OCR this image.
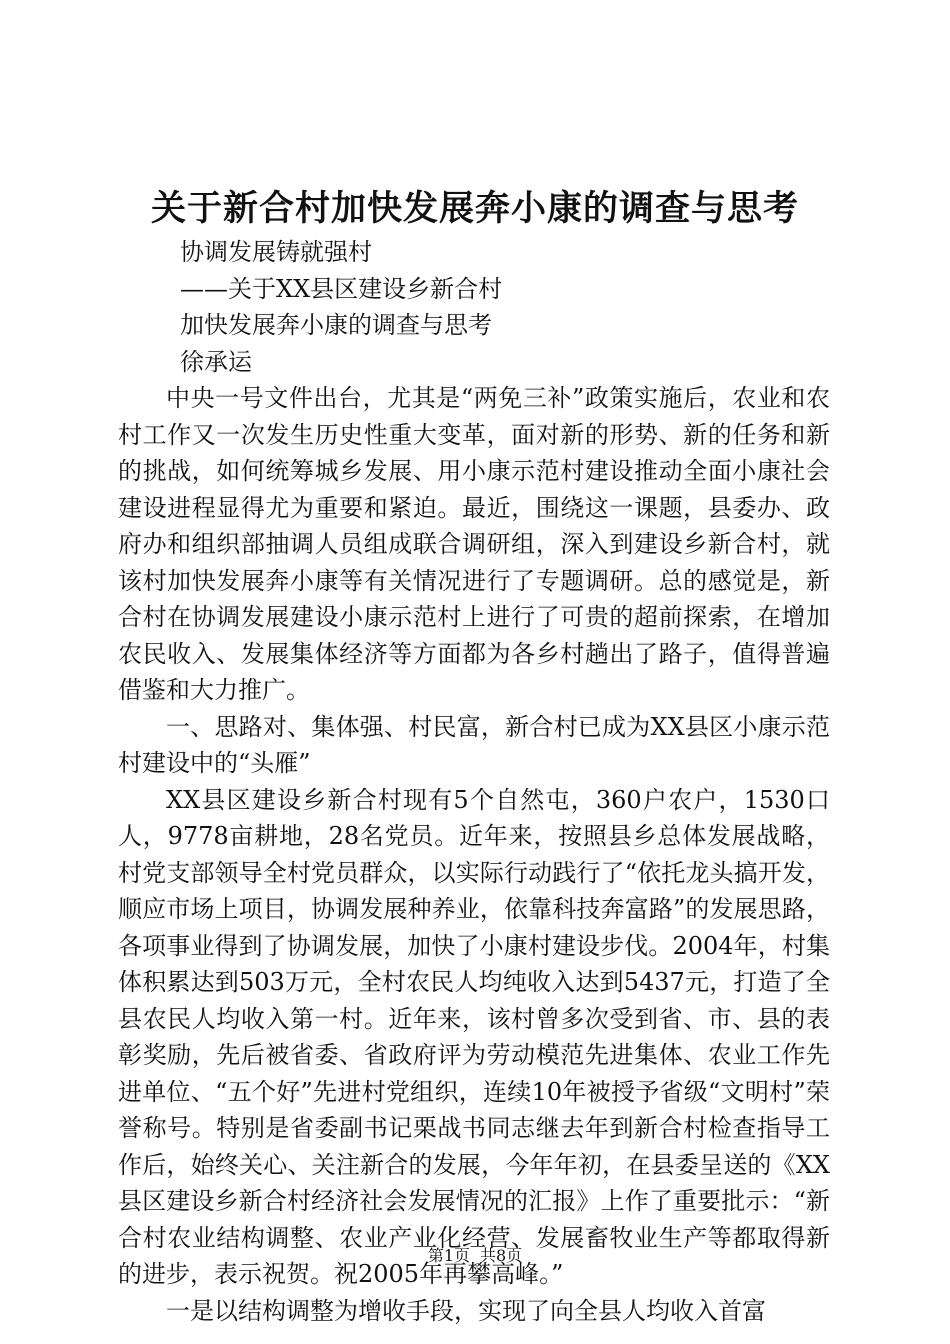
关于新合村加快发展奔小康的调查与思考

协调发展铸就强村

——关于XX县区建设乡新合村

加快发展奔小康的调查与思考

徐承运

中央一号文件出台，尤其是“两免三补”政策实施后，农业和农村工作又一次发生历史性重大变革，面对新的形势、新的任务和新的挑战，如何统筹城乡发展、用小康示范村建设推动全面小康社会建设进程显得尤为重要和紧迫。最近，围绕这一课题，县委办、政府办和组织部抽调人员组成联合调研组，深入到建设乡新合村，就该村加快发展奔小康等有关情况进行了专题调研。总的感觉是，新合村在协调发展建设小康示范村上进行了可贵的超前探索，在增加农民收入、发展集体经济等方面都为各乡村趟出了路子，值得普遍借鉴和大力推广。

一、思路对、集体强、村民富，新合村已成为XX县区小康示范村建设中的“头雁”

XX县区建设乡新合村现有5个自然屯，360户农户，1530口人，9778亩耕地，28名党员。近年来，按照县乡总体发展战略，村党支部领导全村党员群众，以实际行动践行了“依托龙头搞开发，顺应市场上项目，协调发展种养业，依靠科技奔富路”的发展思路，各项事业得到了协调发展，加快了小康村建设步伐。2004年，村集体积累达到503万元，全村农民人均纯收入达到5437元，打造了全县农民人均收入第一村。近年来，该村曾多次受到省、市、县的表彰奖励，先后被省委、省政府评为劳动模范先进集体、农业工作先进单位、“五个好”先进村党组织，连续10年被授予省级“文明村”荣誉称号。特别是省委副书记栗战书同志继去年到新合村检查指导工作后，始终关心、关注新合的发展，今年年初，在县委呈送的《XX县区建设乡新合村经济社会发展情况的汇报》上作了重要批示：“新合村农业结构调整、农业产业化经营、发展畜牧业生产等都取得新的进步，表示祝贺。祝2005年再攀高峰。”

一是以结构调整为增收手段，实现了向全县人均收入首富

第1页 共8页
